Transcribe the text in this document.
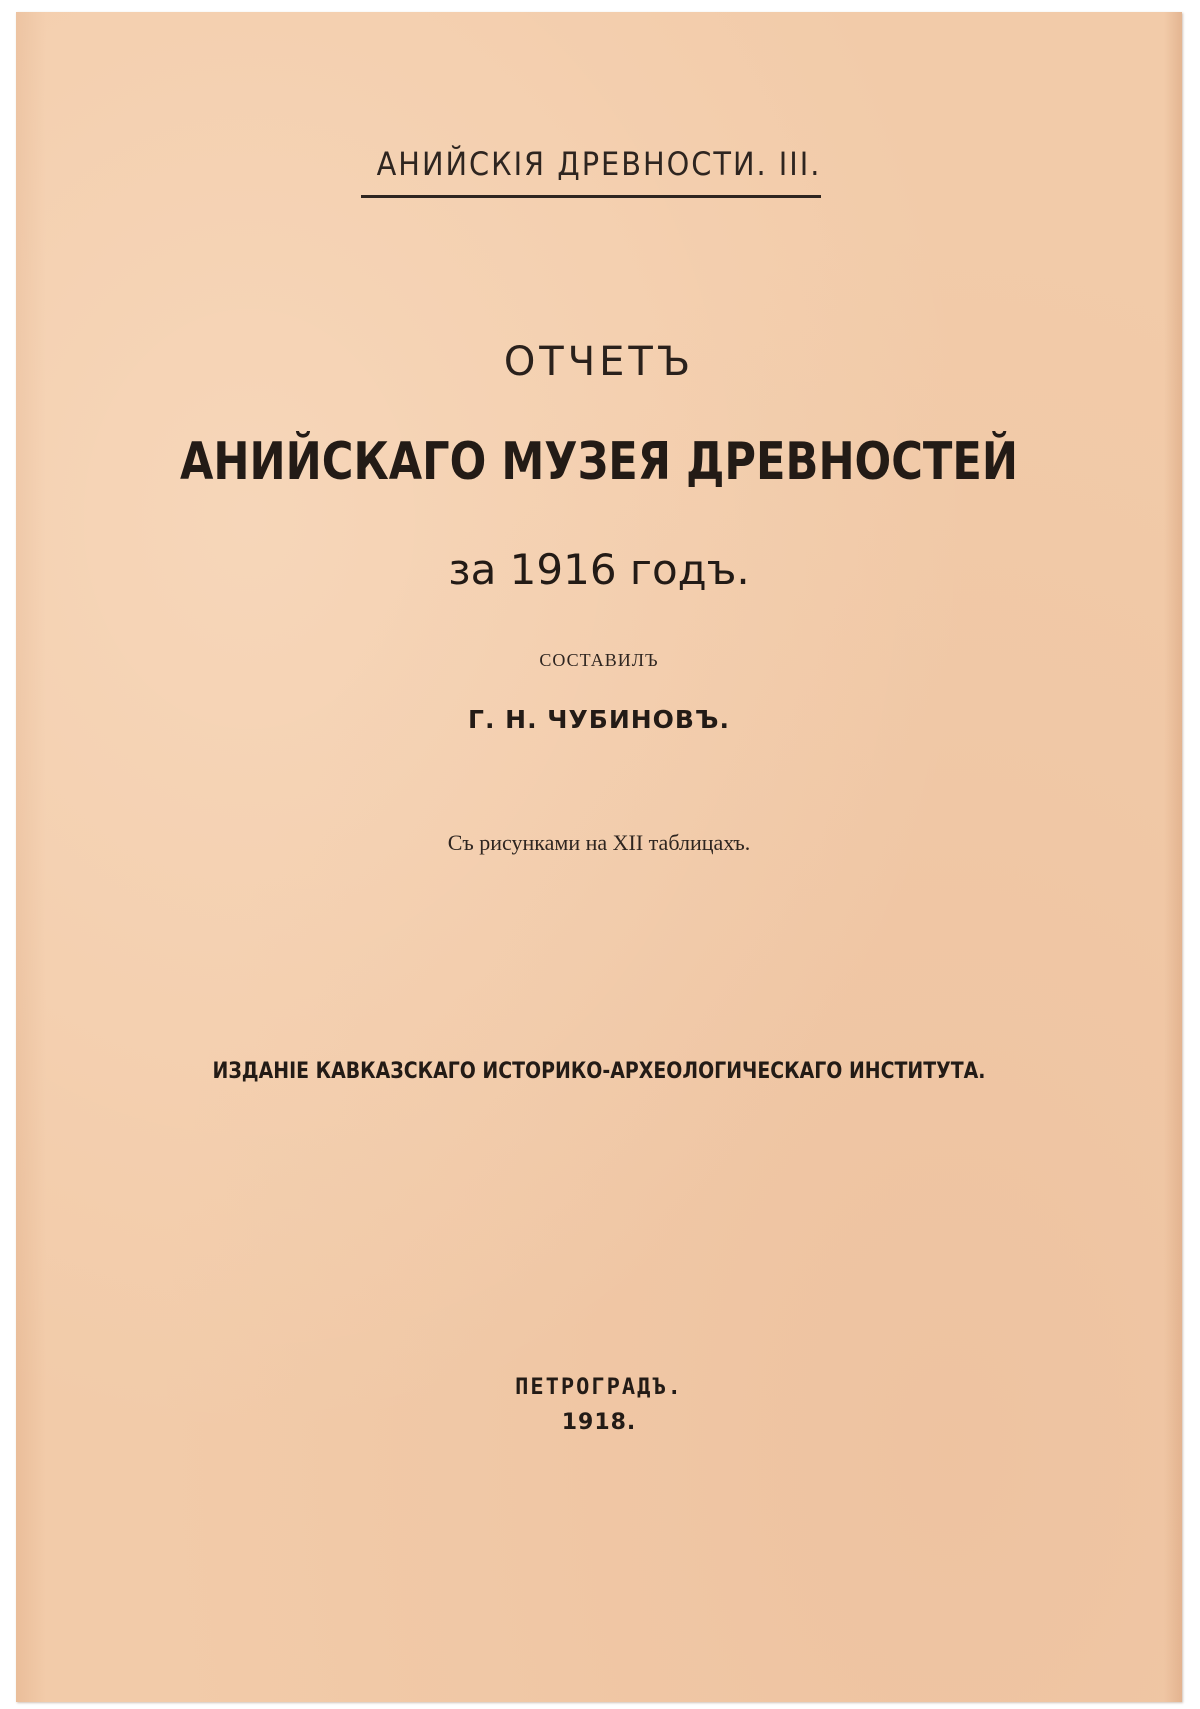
АНИЙСКIЯ ДРЕВНОСТИ. III.
ОТЧЕТЪ
АНИЙСКАГО МУЗЕЯ ДРЕВНОСТЕЙ
за 1916 годъ.
СОСТАВИЛЪ
Г. Н. ЧУБИНОВЪ.
Съ рисунками на XII таблицахъ.
ИЗДАНIЕ КАВКАЗСКАГО ИСТОРИКО-АРХЕОЛОГИЧЕСКАГО ИНСТИТУТА.
ПЕТРОГРАДЪ.
1918.
